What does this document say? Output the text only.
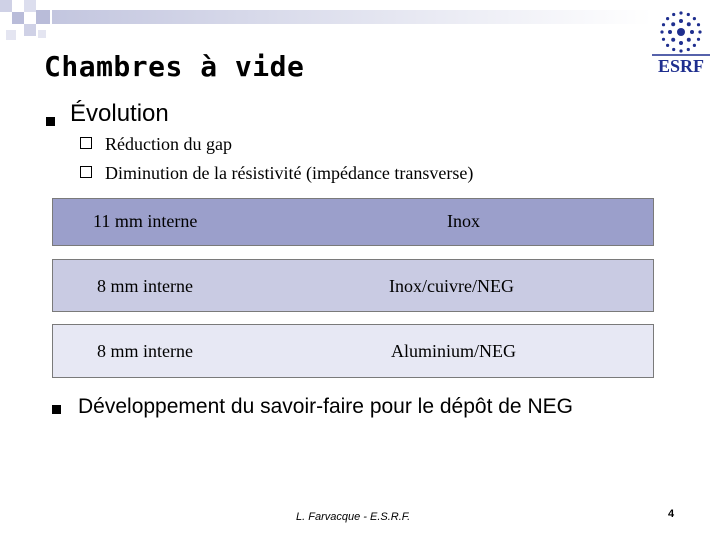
ESRF
Chambres à vide
Évolution
Réduction du gap
Diminution de la résistivité (impédance transverse)
11 mm interne	Inox
8 mm interne	Inox/cuivre/NEG
8 mm interne	Aluminium/NEG
Développement du savoir-faire pour le dépôt de NEG
L. Farvacque - E.S.R.F.	4
